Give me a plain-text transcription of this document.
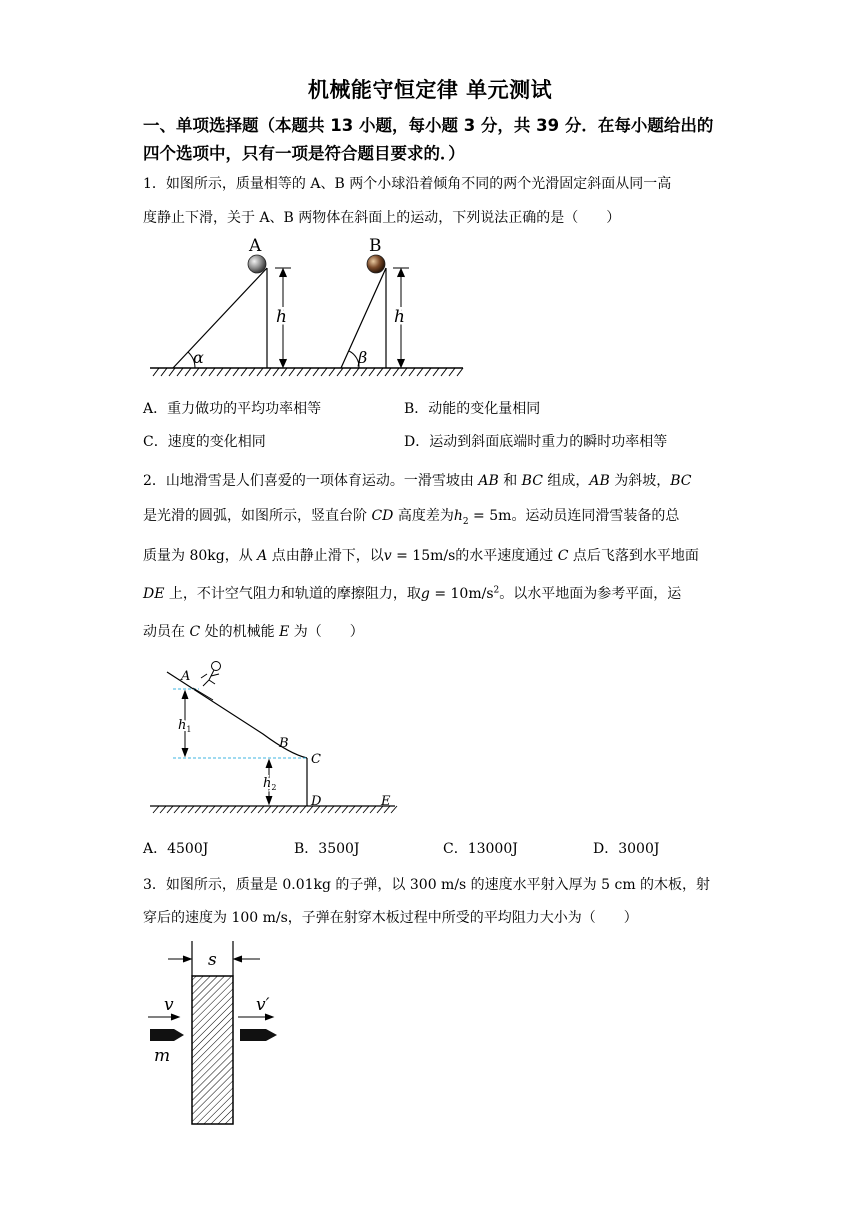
机械能守恒定律 单元测试
一、单项选择题（本题共 13 小题，每小题 3 分，共 39 分．在每小题给出的
四个选项中，只有一项是符合题目要求的．）
1．如图所示，质量相等的 A、B 两个小球沿着倾角不同的两个光滑固定斜面从同一高
度静止下滑，关于 A、B 两物体在斜面上的运动，下列说法正确的是（　　）
A
α
h
B
β
h
A．重力做功的平均功率相等	B．动能的变化量相同
C．速度的变化相同	D．运动到斜面底端时重力的瞬时功率相等
2．山地滑雪是人们喜爱的一项体育运动。一滑雪坡由 AB 和 BC 组成，AB 为斜坡，BC
是光滑的圆弧，如图所示，竖直台阶 CD 高度差为$h_2 = 5m$。运动员连同滑雪装备的总
质量为 80kg，从 A 点由静止滑下，以v = 15m/s的水平速度通过 C 点后飞落到水平地面
DE 上，不计空气阻力和轨道的摩擦阻力，取$g = 10m/s^2$。以水平地面为参考平面，运
动员在 C 处的机械能 E 为（　　）
A
B
C
D	E
$h_1$
$h_2$
A．4500J	B．3500J	C．13000J	D．3000J
3．如图所示，质量是 0.01kg 的子弹，以 300 m/s 的速度水平射入厚为 5 cm 的木板，射
穿后的速度为 100 m/s，子弹在射穿木板过程中所受的平均阻力大小为（　　）
s
v
m
v′
